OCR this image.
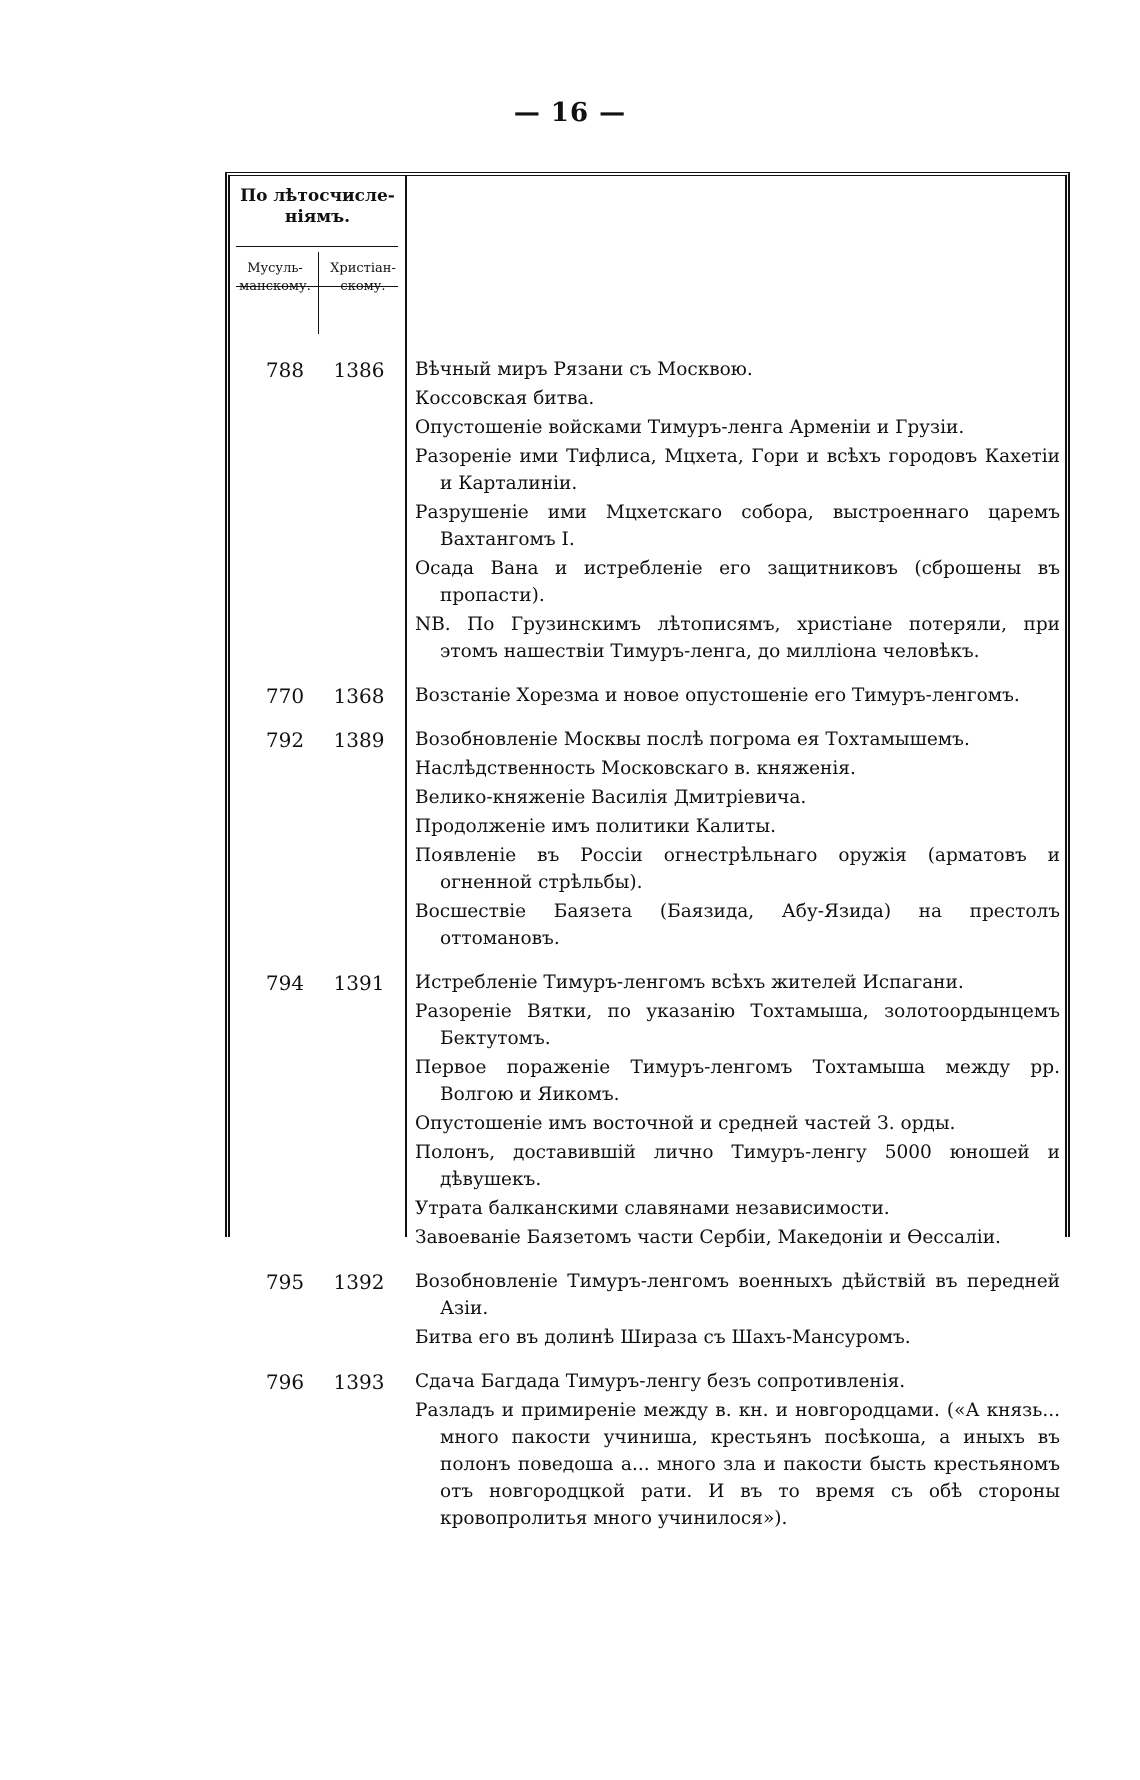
— 16 —
По лѣтосчисле-ніямъ.
Мусуль-манскому.
Христіан-скому.
788	1386	Вѣчный миръ Рязани съ Москвою.
Коссовская битва.
Опустошеніе войсками Тимуръ-ленга Арменіи и Грузіи.
Разореніе ими Тифлиса, Мцхета, Гори и всѣхъ городовъ Кахетіи и Карталиніи.
Разрушеніе ими Мцхетскаго собора, выстроеннаго царемъ Вахтангомъ I.
Осада Вана и истребленіе его защитниковъ (сброшены въ пропасти).
NB. По Грузинскимъ лѣтописямъ, христіане потеряли, при этомъ нашествіи Тимуръ-ленга, до милліона человѣкъ.
770	1368	Возстаніе Хорезма и новое опустошеніе его Тимуръ-ленгомъ.
792	1389	Возобновленіе Москвы послѣ погрома ея Тохтамышемъ.
Наслѣдственность Московскаго в. княженія.
Велико-княженіе Василія Дмитріевича.
Продолженіе имъ политики Калиты.
Появленіе въ Россіи огнестрѣльнаго оружія (арматовъ и огненной стрѣльбы).
Восшествіе Баязета (Баязида, Абу-Язида) на престолъ оттомановъ.
794	1391	Истребленіе Тимуръ-ленгомъ всѣхъ жителей Испагани.
Разореніе Вятки, по указанію Тохтамыша, золотоордынцемъ Бектутомъ.
Первое пораженіе Тимуръ-ленгомъ Тохтамыша между рр. Волгою и Яикомъ.
Опустошеніе имъ восточной и средней частей З. орды.
Полонъ, доставившій лично Тимуръ-ленгу 5000 юношей и дѣвушекъ.
Утрата балканскими славянами независимости.
Завоеваніе Баязетомъ части Сербіи, Македоніи и Ѳессаліи.
795	1392	Возобновленіе Тимуръ-ленгомъ военныхъ дѣйствій въ передней Азіи.
Битва его въ долинѣ Шираза съ Шахъ-Мансуромъ.
796	1393	Сдача Багдада Тимуръ-ленгу безъ сопротивленія.
Разладъ и примиреніе между в. кн. и новгородцами. («А князь... много пакости учиниша, крестьянъ посѣкоша, а иныхъ въ полонъ поведоша а... много зла и пакости бысть крестьяномъ отъ новгородцкой рати. И въ то время съ обѣ стороны кровопролитья много учинилося»).
